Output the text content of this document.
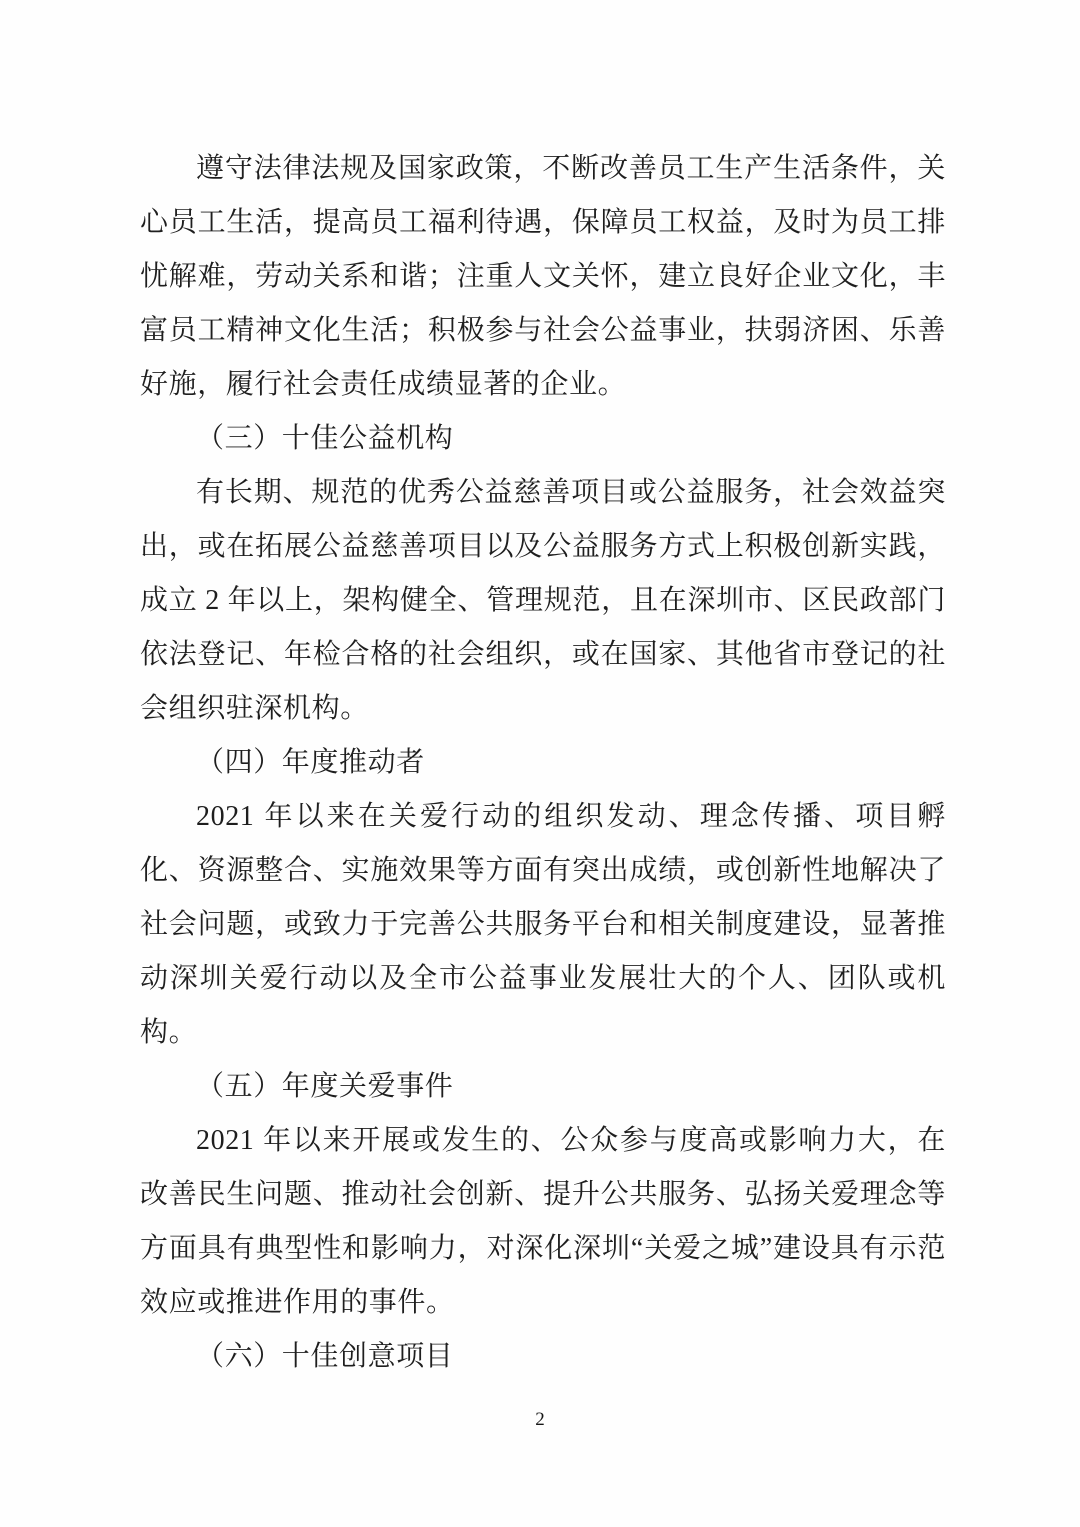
遵守法律法规及国家政策，不断改善员工生产生活条件，关心员工生活，提高员工福利待遇，保障员工权益，及时为员工排忧解难，劳动关系和谐；注重人文关怀，建立良好企业文化，丰富员工精神文化生活；积极参与社会公益事业，扶弱济困、乐善好施，履行社会责任成绩显著的企业。

（三）十佳公益机构

有长期、规范的优秀公益慈善项目或公益服务，社会效益突出，或在拓展公益慈善项目以及公益服务方式上积极创新实践，成立 2 年以上，架构健全、管理规范，且在深圳市、区民政部门依法登记、年检合格的社会组织，或在国家、其他省市登记的社会组织驻深机构。

（四）年度推动者

2021 年以来在关爱行动的组织发动、理念传播、项目孵化、资源整合、实施效果等方面有突出成绩，或创新性地解决了社会问题，或致力于完善公共服务平台和相关制度建设，显著推动深圳关爱行动以及全市公益事业发展壮大的个人、团队或机构。

（五）年度关爱事件

2021 年以来开展或发生的、公众参与度高或影响力大，在改善民生问题、推动社会创新、提升公共服务、弘扬关爱理念等方面具有典型性和影响力，对深化深圳“关爱之城”建设具有示范效应或推进作用的事件。

（六）十佳创意项目

2
